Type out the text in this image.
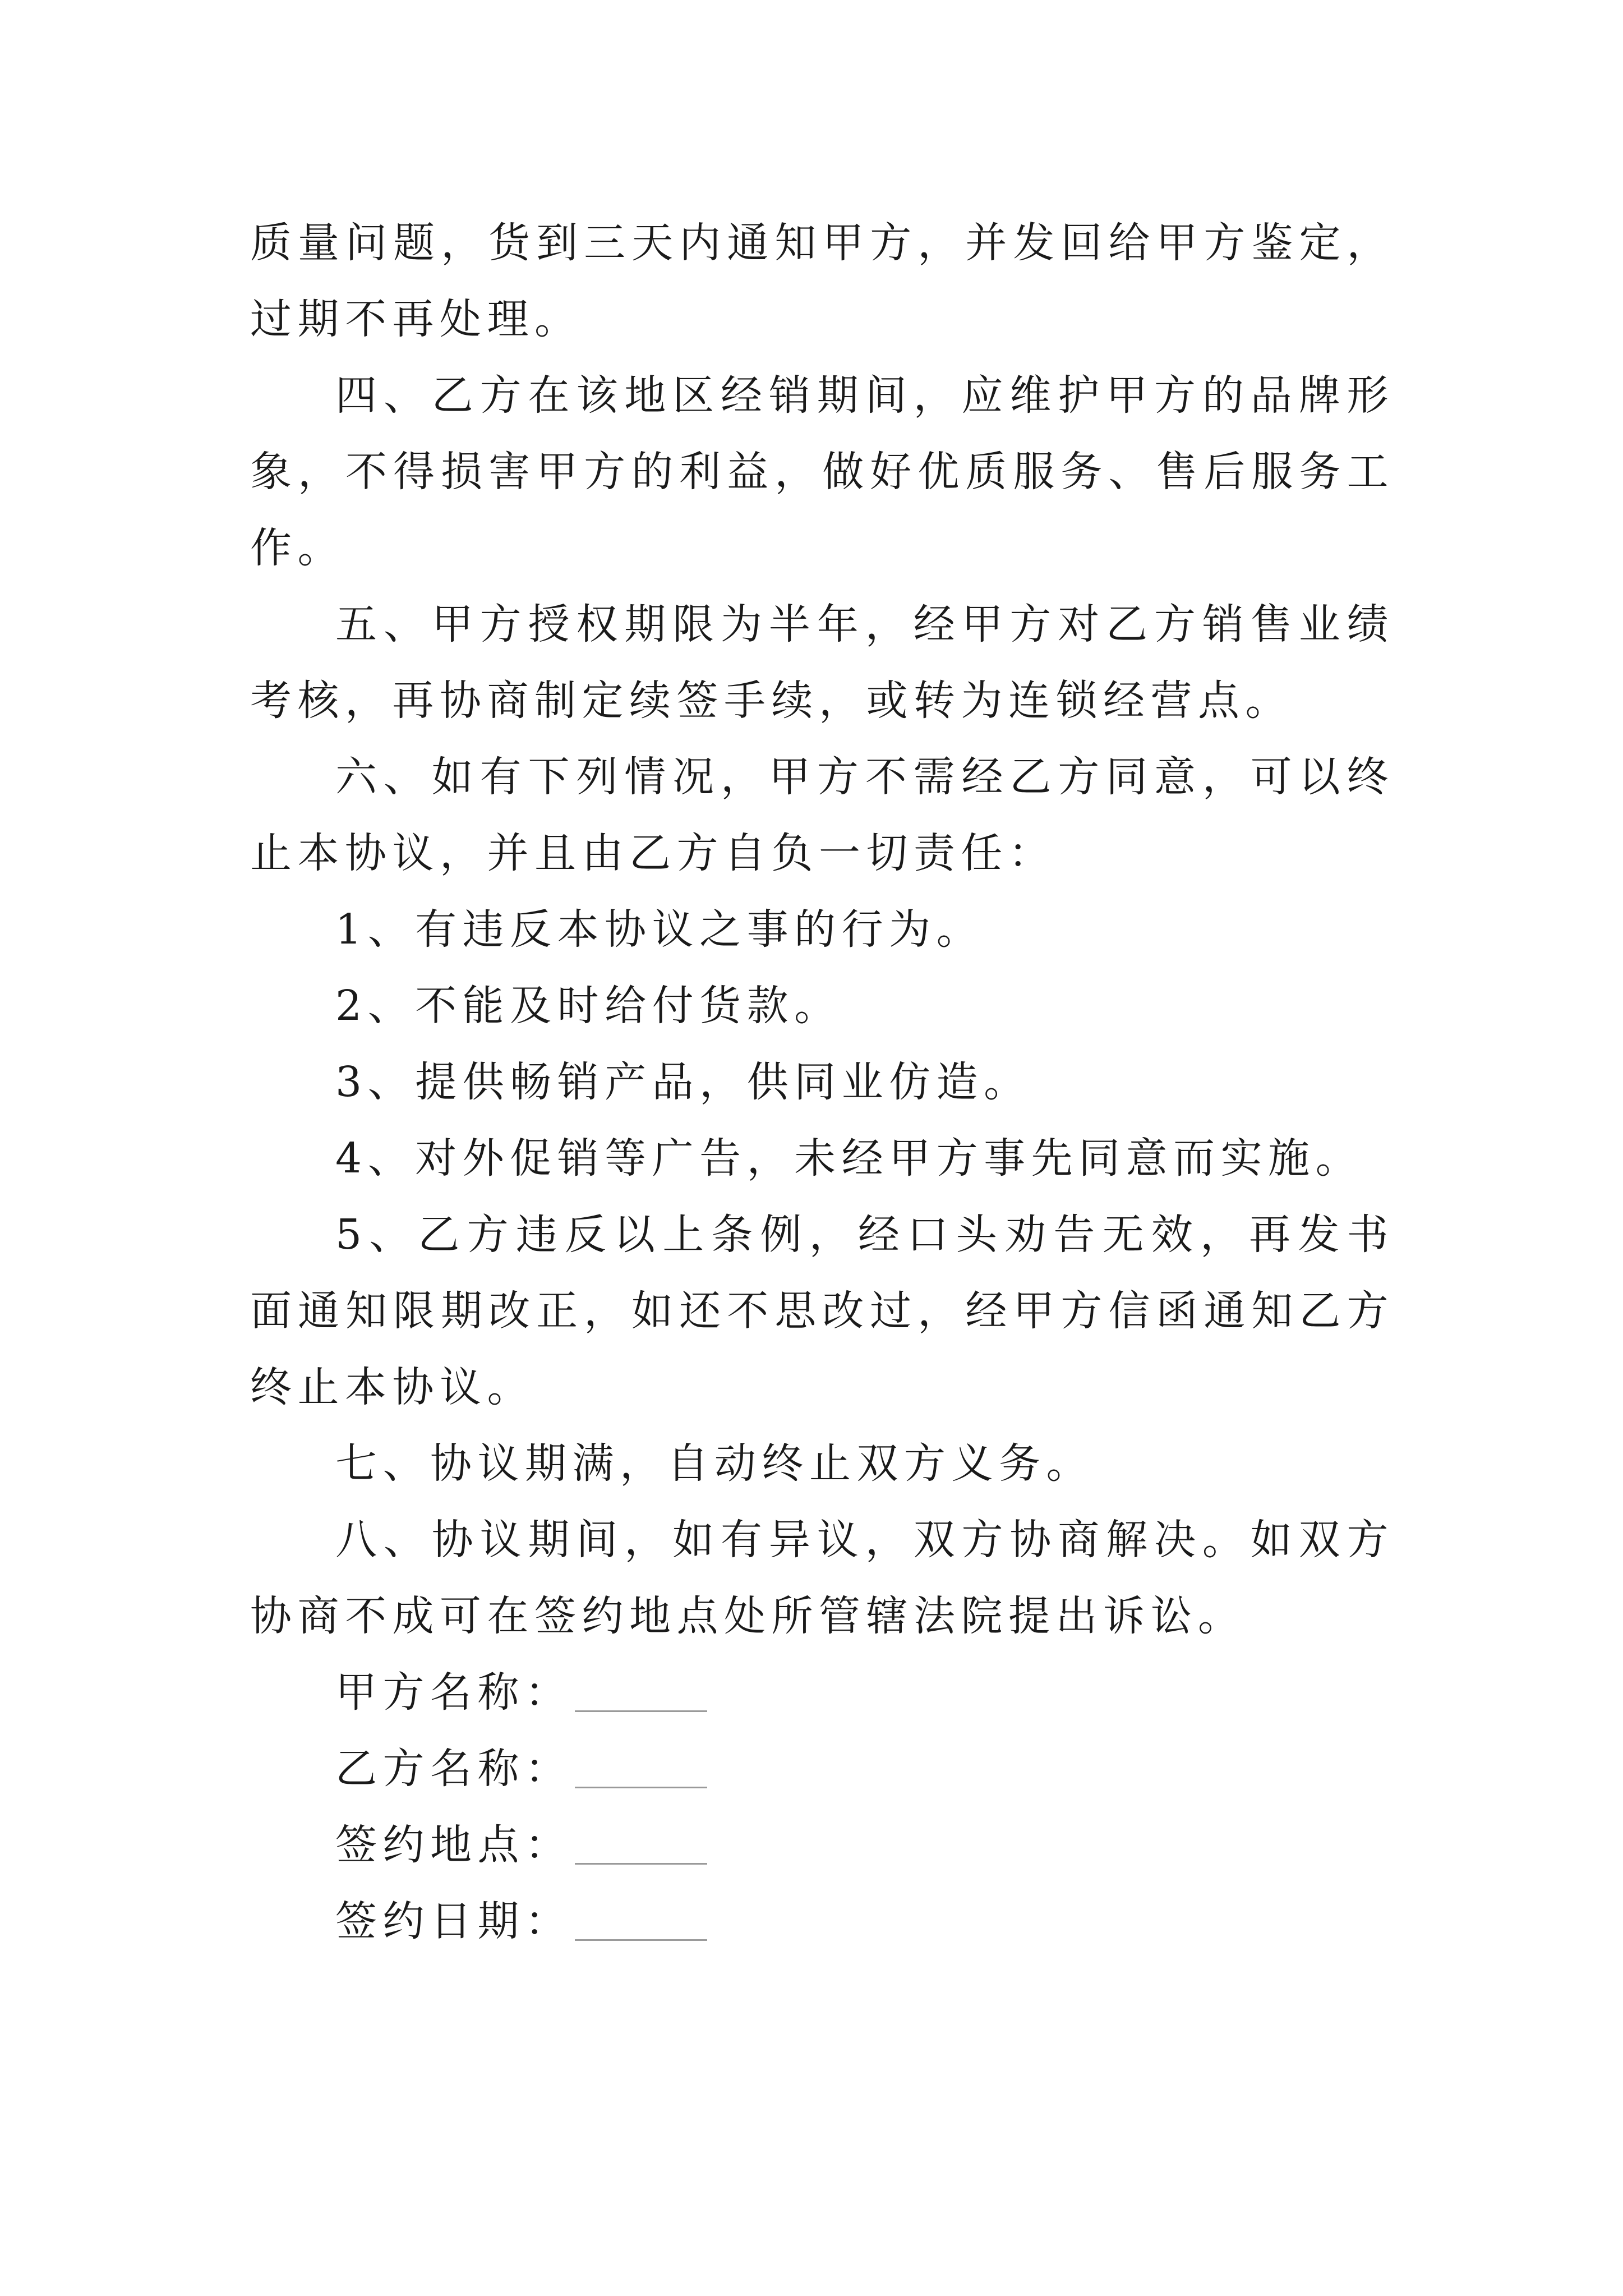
质量问题，货到三天内通知甲方，并发回给甲方鉴定，过期不再处理。

四、乙方在该地区经销期间，应维护甲方的品牌形象，不得损害甲方的利益，做好优质服务、售后服务工作。

五、甲方授权期限为半年，经甲方对乙方销售业绩考核，再协商制定续签手续，或转为连锁经营点。

六、如有下列情况，甲方不需经乙方同意，可以终止本协议，并且由乙方自负一切责任：

1、有违反本协议之事的行为。

2、不能及时给付货款。

3、提供畅销产品，供同业仿造。

4、对外促销等广告，未经甲方事先同意而实施。

5、乙方违反以上条例，经口头劝告无效，再发书面通知限期改正，如还不思改过，经甲方信函通知乙方终止本协议。

七、协议期满，自动终止双方义务。

八、协议期间，如有异议，双方协商解决。如双方协商不成可在签约地点处所管辖法院提出诉讼。

甲方名称：
乙方名称：
签约地点：
签约日期：
